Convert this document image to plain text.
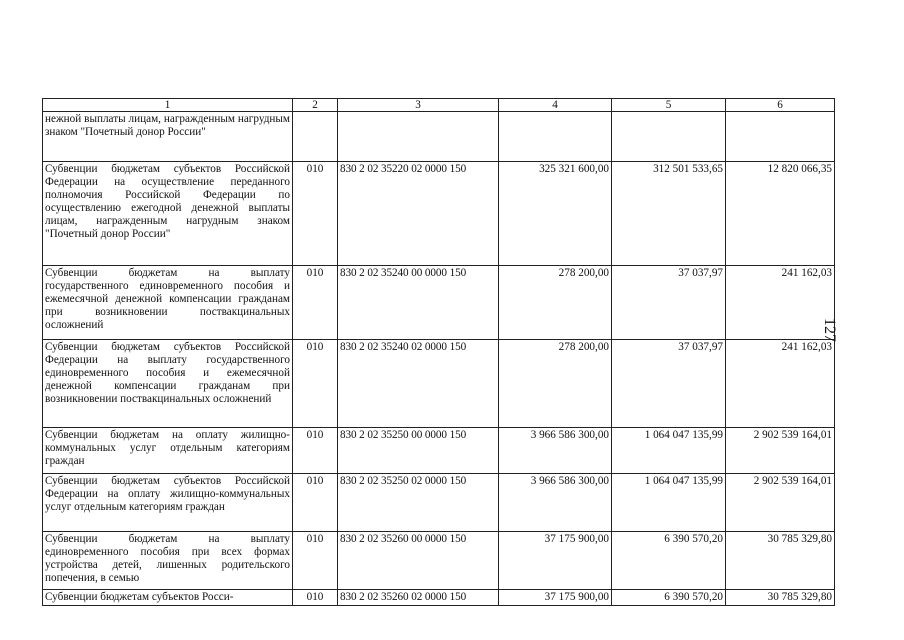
1	2	3	4	5	6
нежной выплаты лицам, награжденным нагрудным знаком "Почетный донор России"					
Субвенции бюджетам субъектов Российской Федерации на осуществление переданного полномочия Российской Федерации по осуществлению ежегодной денежной выплаты лицам, награжденным нагрудным знаком "Почетный донор России"	010	830 2 02 35220 02 0000 150	325 321 600,00	312 501 533,65	12 820 066,35
Субвенции бюджетам на выплату государственного единовременного пособия и ежемесячной денежной компенсации гражданам при возникновении поствакцинальных осложнений	010	830 2 02 35240 00 0000 150	278 200,00	37 037,97	241 162,03
Субвенции бюджетам субъектов Российской Федерации на выплату государственного единовременного пособия и ежемесячной денежной компенсации гражданам при возникновении поствакцинальных осложнений	010	830 2 02 35240 02 0000 150	278 200,00	37 037,97	241 162,03
Субвенции бюджетам на оплату жилищно-коммунальных услуг отдельным категориям граждан	010	830 2 02 35250 00 0000 150	3 966 586 300,00	1 064 047 135,99	2 902 539 164,01
Субвенции бюджетам субъектов Российской Федерации на оплату жилищно-коммунальных услуг отдельным категориям граждан	010	830 2 02 35250 02 0000 150	3 966 586 300,00	1 064 047 135,99	2 902 539 164,01
Субвенции бюджетам на выплату единовременного пособия при всех формах устройства детей, лишенных родительского попечения, в семью	010	830 2 02 35260 00 0000 150	37 175 900,00	6 390 570,20	30 785 329,80
Субвенции бюджетам субъектов Росси-	010	830 2 02 35260 02 0000 150	37 175 900,00	6 390 570,20	30 785 329,80
127
